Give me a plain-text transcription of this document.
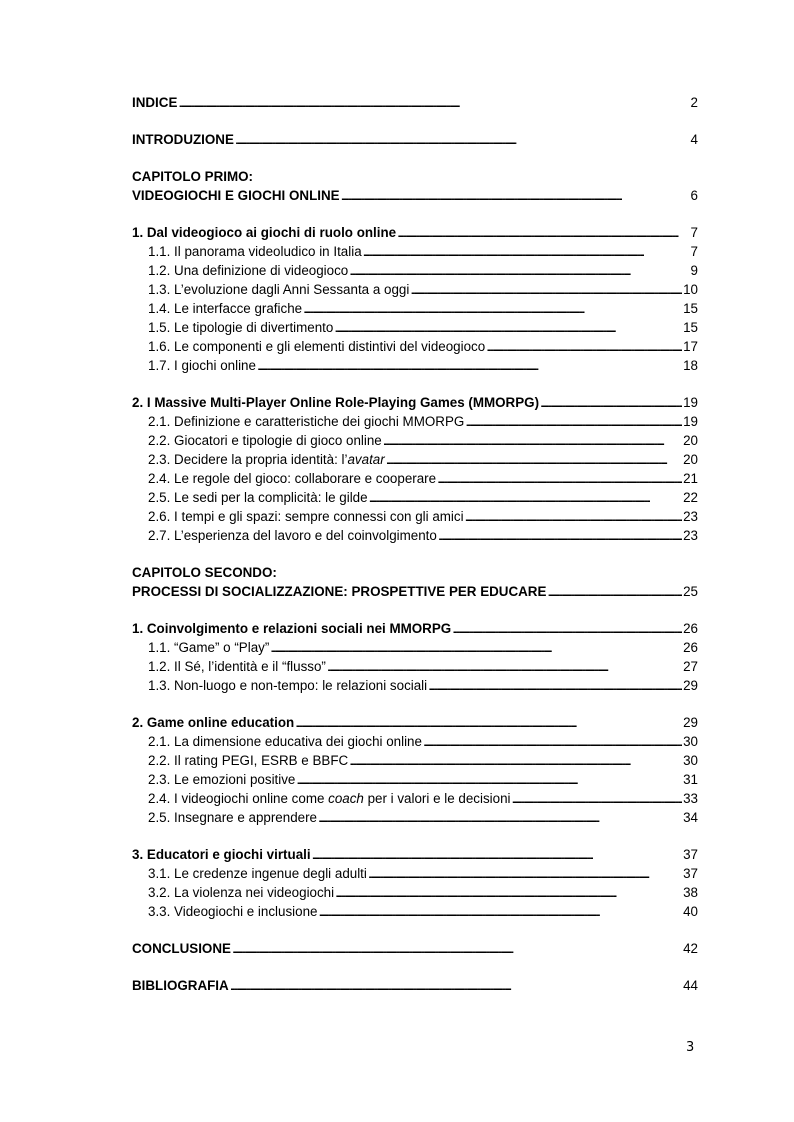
INDICE . . .	2
INTRODUZIONE . . .	4
CAPITOLO PRIMO:
VIDEOGIOCHI E GIOCHI ONLINE . . .	6
1. Dal videogioco ai giochi di ruolo online . . .	7
1.1. Il panorama videoludico in Italia . . .	7
1.2. Una definizione di videogioco . . .	9
1.3. L’evoluzione dagli Anni Sessanta a oggi . . .	10
1.4. Le interfacce grafiche . . .	15
1.5. Le tipologie di divertimento . . .	15
1.6. Le componenti e gli elementi distintivi del videogioco . . .	17
1.7. I giochi online . . .	18
2. I Massive Multi-Player Online Role-Playing Games (MMORPG) . . .	19
2.1. Definizione e caratteristiche dei giochi MMORPG . . .	19
2.2. Giocatori e tipologie di gioco online . . .	20
2.3. Decidere la propria identità: l’avatar . . .	20
2.4. Le regole del gioco: collaborare e cooperare . . .	21
2.5. Le sedi per la complicità: le gilde . . .	22
2.6. I tempi e gli spazi: sempre connessi con gli amici . . .	23
2.7. L’esperienza del lavoro e del coinvolgimento . . .	23
CAPITOLO SECONDO:
PROCESSI DI SOCIALIZZAZIONE: PROSPETTIVE PER EDUCARE . . .	25
1. Coinvolgimento e relazioni sociali nei MMORPG . . .	26
1.1. “Game” o “Play” . . .	26
1.2. Il Sé, l’identità e il “flusso” . . .	27
1.3. Non-luogo e non-tempo: le relazioni sociali . . .	29
2. Game online education . . .	29
2.1. La dimensione educativa dei giochi online . . .	30
2.2. Il rating PEGI, ESRB e BBFC . . .	30
2.3. Le emozioni positive . . .	31
2.4. I videogiochi online come coach per i valori e le decisioni . . .	33
2.5. Insegnare e apprendere . . .	34
3. Educatori e giochi virtuali . . .	37
3.1. Le credenze ingenue degli adulti . . .	37
3.2. La violenza nei videogiochi . . .	38
3.3. Videogiochi e inclusione . . .	40
CONCLUSIONE . . .	42
BIBLIOGRAFIA . . .	44
3
